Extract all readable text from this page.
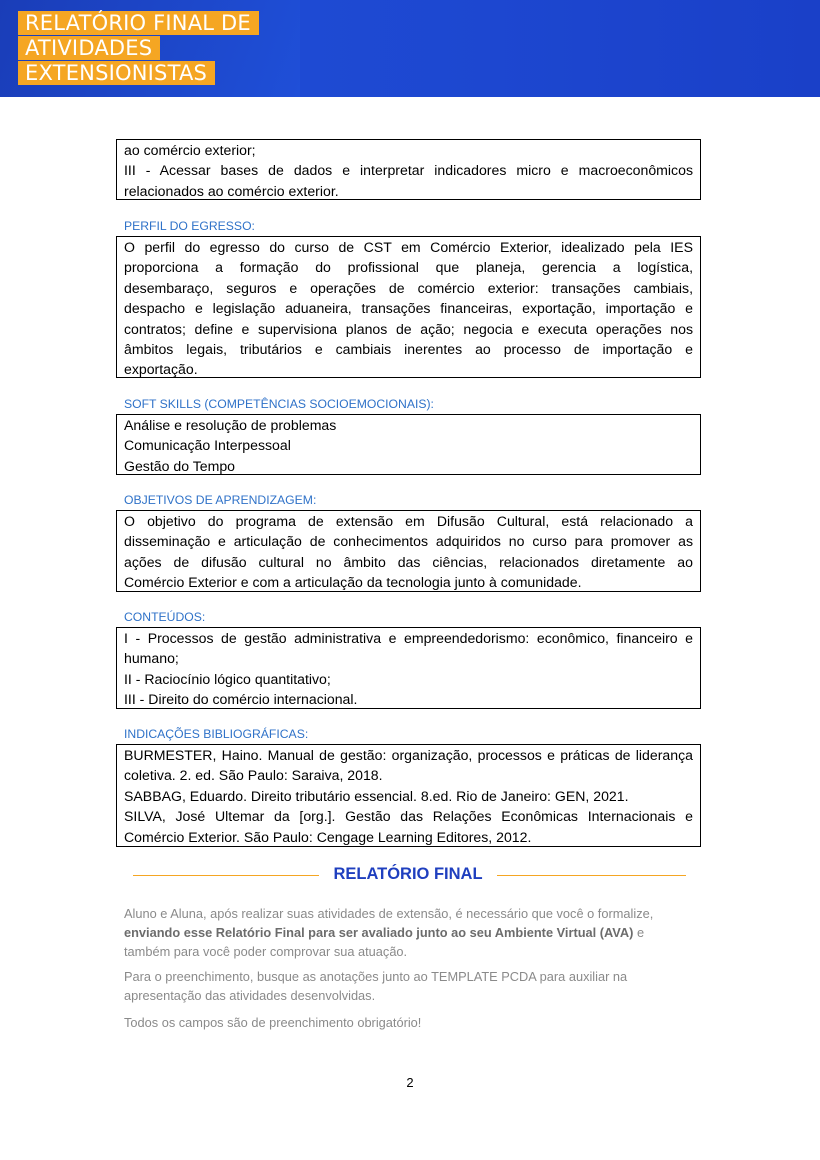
RELATÓRIO FINAL DE
ATIVIDADES
EXTENSIONISTAS

ao comércio exterior;

III - Acessar bases de dados e interpretar indicadores micro e macroeconômicos

relacionados ao comércio exterior.

PERFIL DO EGRESSO:

O perfil do egresso do curso de CST em Comércio Exterior, idealizado pela IES

proporciona a formação do profissional que planeja, gerencia a logística,

desembaraço, seguros e operações de comércio exterior: transações cambiais,

despacho e legislação aduaneira, transações financeiras, exportação, importação e

contratos; define e supervisiona planos de ação; negocia e executa operações nos

âmbitos legais, tributários e cambiais inerentes ao processo de importação e

exportação.

SOFT SKILLS (COMPETÊNCIAS SOCIOEMOCIONAIS):

Análise e resolução de problemas

Comunicação Interpessoal

Gestão do Tempo

OBJETIVOS DE APRENDIZAGEM:

O objetivo do programa de extensão em Difusão Cultural, está relacionado a

disseminação e articulação de conhecimentos adquiridos no curso para promover as

ações de difusão cultural no âmbito das ciências, relacionados diretamente ao

Comércio Exterior e com a articulação da tecnologia junto à comunidade.

CONTEÚDOS:

I - Processos de gestão administrativa e empreendedorismo: econômico, financeiro e

humano;

II - Raciocínio lógico quantitativo;

III - Direito do comércio internacional.

INDICAÇÕES BIBLIOGRÁFICAS:

BURMESTER, Haino. Manual de gestão: organização, processos e práticas de liderança

coletiva. 2. ed. São Paulo: Saraiva, 2018.

SABBAG, Eduardo. Direito tributário essencial. 8.ed. Rio de Janeiro: GEN, 2021.

SILVA, José Ultemar da [org.]. Gestão das Relações Econômicas Internacionais e

Comércio Exterior. São Paulo: Cengage Learning Editores, 2012.

RELATÓRIO FINAL
Aluno e Aluna, após realizar suas atividades de extensão, é necessário que você o formalize,
enviando esse Relatório Final para ser avaliado junto ao seu Ambiente Virtual (AVA) e
também para você poder comprovar sua atuação.
Para o preenchimento, busque as anotações junto ao TEMPLATE PCDA para auxiliar na
apresentação das atividades desenvolvidas.
Todos os campos são de preenchimento obrigatório!
2
